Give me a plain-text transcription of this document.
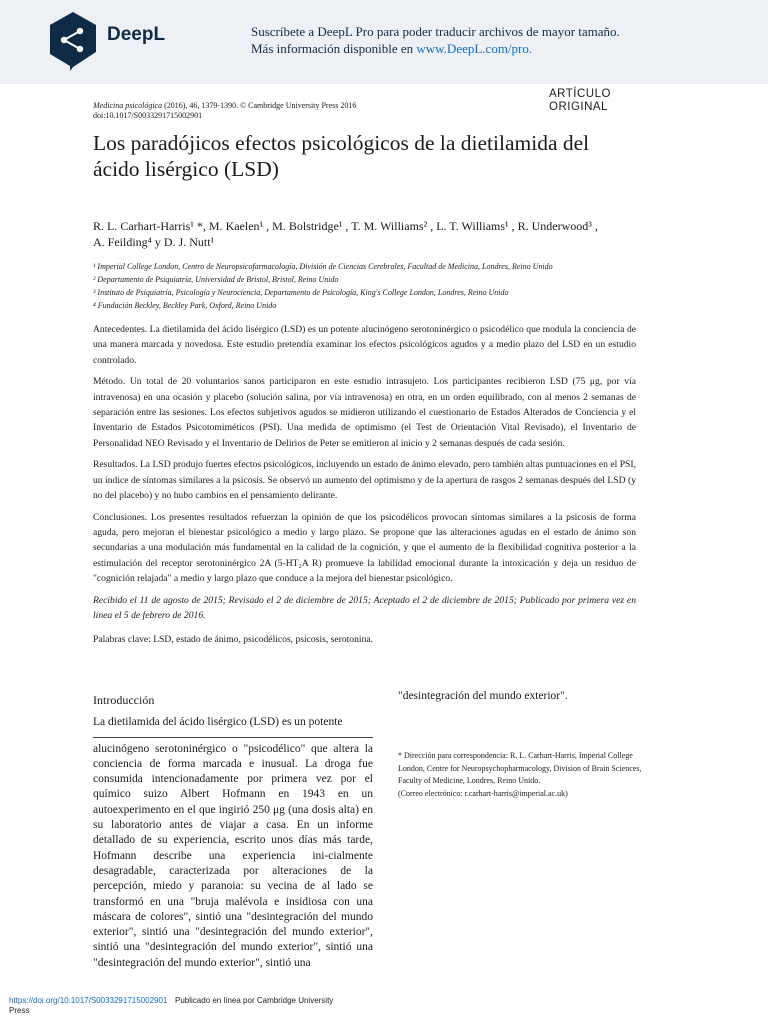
DeepL	Suscríbete a DeepL Pro para poder traducir archivos de mayor tamaño.
Más información disponible en www.DeepL.com/pro.
ARTÍCULO
ORIGINAL
Medicina psicológica (2016), 46, 1379-1390. © Cambridge University Press 2016
doi:10.1017/S0033291715002901
Los paradójicos efectos psicológicos de la dietilamida del
ácido lisérgico (LSD)
R. L. Carhart-Harris¹ *, M. Kaelen¹ , M. Bolstridge¹ , T. M. Williams² , L. T. Williams¹ , R. Underwood³ ,
A. Feilding⁴ y D. J. Nutt¹
¹ Imperial College London, Centro de Neuropsicofarmacología, División de Ciencias Cerebrales, Facultad de Medicina, Londres, Reino Unido
² Departamento de Psiquiatría, Universidad de Bristol, Bristol, Reino Unido
³ Instituto de Psiquiatría, Psicología y Neurociencia, Departamento de Psicología, King's College London, Londres, Reino Unido
⁴ Fundación Beckley, Beckley Park, Oxford, Reino Unido

Antecedentes. La dietilamida del ácido lisérgico (LSD) es un potente alucinógeno serotoninérgico o psicodélico que modula la conciencia de una manera marcada y novedosa. Este estudio pretendía examinar los efectos psicológicos agudos y a medio plazo del LSD en un estudio controlado.

Método. Un total de 20 voluntarios sanos participaron en este estudio intrasujeto. Los participantes recibieron LSD (75 μg, por vía intravenosa) en una ocasión y placebo (solución salina, por vía intravenosa) en otra, en un orden equilibrado, con al menos 2 semanas de separación entre las sesiones. Los efectos subjetivos agudos se midieron utilizando el cuestionario de Estados Alterados de Conciencia y el Inventario de Estados Psicotomiméticos (PSI). Una medida de optimismo (el Test de Orientación Vital Revisado), el Inventario de Personalidad NEO Revisado y el Inventario de Delirios de Peter se emitieron al inicio y 2 semanas después de cada sesión.

Resultados. La LSD produjo fuertes efectos psicológicos, incluyendo un estado de ánimo elevado, pero también altas puntuaciones en el PSI, un índice de síntomas similares a la psicosis. Se observó un aumento del optimismo y de la apertura de rasgos 2 semanas después del LSD (y no del placebo) y no hubo cambios en el pensamiento delirante.

Conclusiones. Los presentes resultados refuerzan la opinión de que los psicodélicos provocan síntomas similares a la psicosis de forma aguda, pero mejoran el bienestar psicológico a medio y largo plazo. Se propone que las alteraciones agudas en el estado de ánimo son secundarias a una modulación más fundamental en la calidad de la cognición, y que el aumento de la flexibilidad cognitiva posterior a la estimulación del receptor serotoninérgico 2A (5-HT₂A R) promueve la labilidad emocional durante la intoxicación y deja un residuo de "cognición relajada" a medio y largo plazo que conduce a la mejora del bienestar psicológico.

Recibido el 11 de agosto de 2015; Revisado el 2 de diciembre de 2015; Aceptado el 2 de diciembre de 2015; Publicado por primera vez en línea el 5 de febrero de 2016.

Palabras clave: LSD, estado de ánimo, psicodélicos, psicosis, serotonina.

Introducción

La dietilamida del ácido lisérgico (LSD) es un potente

alucinógeno serotoninérgico o "psicodélico" que altera la conciencia de forma marcada e inusual. La droga fue consumida intencionadamente por primera vez por el químico suizo Albert Hofmann en 1943 en un autoexperimento en el que ingirió 250 μg (una dosis alta) en su laboratorio antes de viajar a casa. En un informe detallado de su experiencia, escrito unos días más tarde, Hofmann describe una experiencia ini-cialmente desagradable, caracterizada por alteraciones de la percepción, miedo y paranoia: su vecina de al lado se transformó en una "bruja malévola e insidiosa con una máscara de colores", sintió una "desintegración del mundo exterior", sintió una "desintegración del mundo exterior", sintió una "desintegración del mundo exterior", sintió una "desintegración del mundo exterior", sintió una

"desintegración del mundo exterior".

* Dirección para correspondencia: R. L. Carhart-Harris, Imperial College London, Centre for Neuropsychopharmacology, Division of Brain Sciences, Faculty of Medicine, Londres, Reino Unido.

(Correo electrónico: r.carhart-harris@imperial.ac.uk)

https://doi.org/10.1017/S0033291715002901 Publicado en línea por Cambridge University
Press
